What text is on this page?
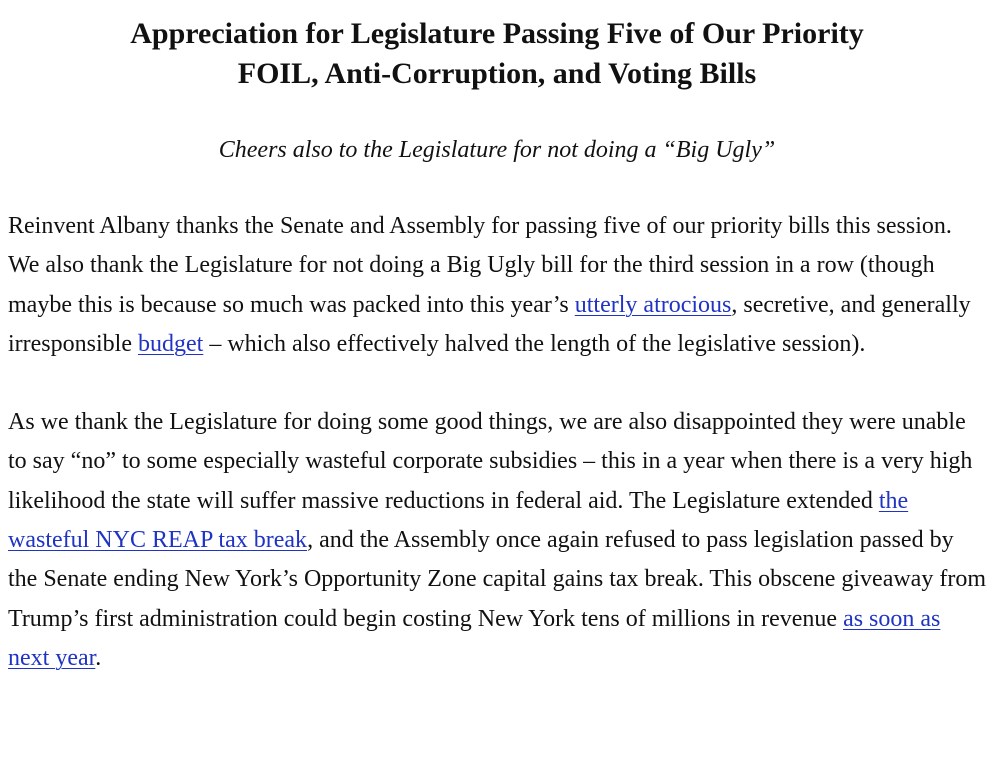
Appreciation for Legislature Passing Five of Our Priority
FOIL, Anti-Corruption, and Voting Bills

Cheers also to the Legislature for not doing a “Big Ugly”

Reinvent Albany thanks the Senate and Assembly for passing five of our priority bills this session. We also thank the Legislature for not doing a Big Ugly bill for the third session in a row (though maybe this is because so much was packed into this year’s utterly atrocious, secretive, and generally irresponsible budget – which also effectively halved the length of the legislative session).

As we thank the Legislature for doing some good things, we are also disappointed they were unable to say “no” to some especially wasteful corporate subsidies – this in a year when there is a very high likelihood the state will suffer massive reductions in federal aid. The Legislature extended the wasteful NYC REAP tax break, and the Assembly once again refused to pass legislation passed by the Senate ending New York’s Opportunity Zone capital gains tax break. This obscene giveaway from Trump’s first administration could begin costing New York tens of millions in revenue as soon as next year.
